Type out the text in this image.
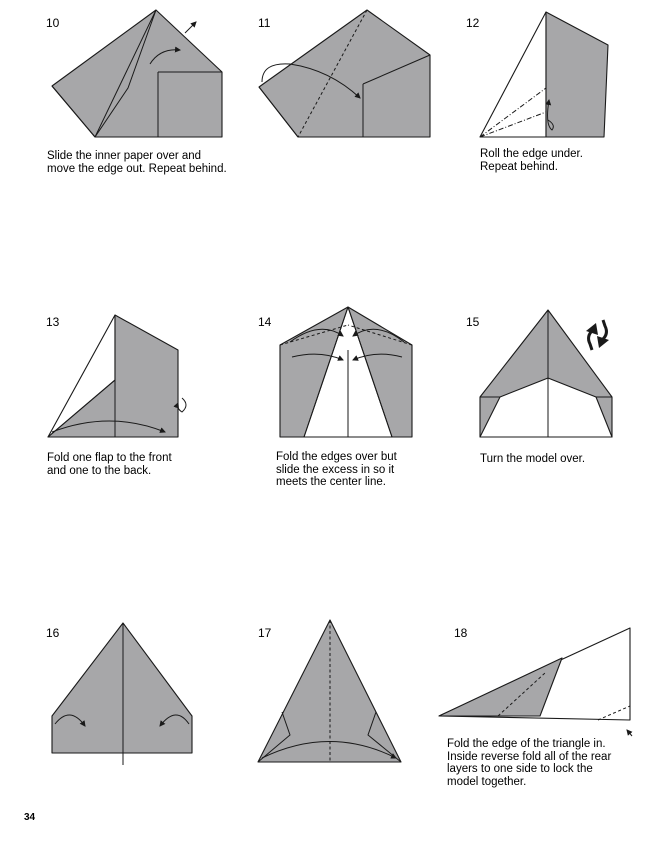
10	11	12
13	14	15
16	17	18
Slide the inner paper over and
move the edge out. Repeat behind.
Roll the edge under.
Repeat behind.
Fold one flap to the front
and one to the back.
Fold the edges over but
slide the excess in so it
meets the center line.
Turn the model over.
Fold the edge of the triangle in.
Inside reverse fold all of the rear
layers to one side to lock the
model together.
34
